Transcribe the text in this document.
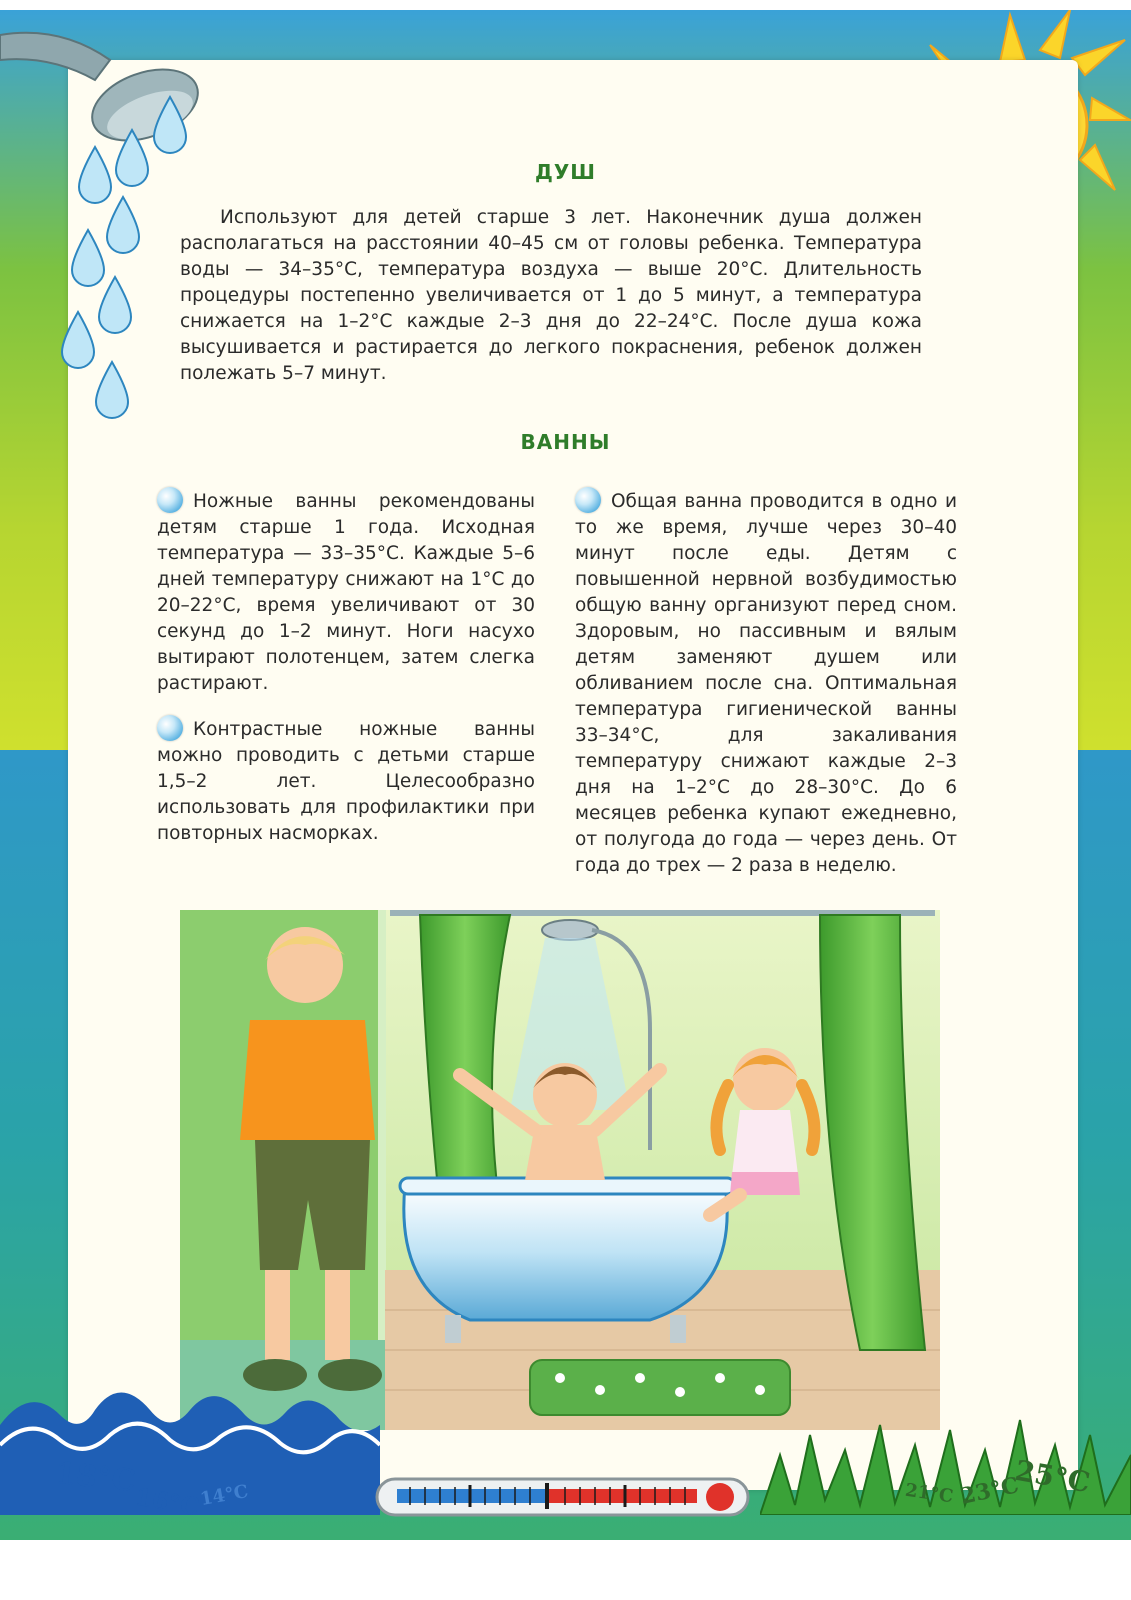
ДУШ

Используют для детей старше 3 лет. Наконечник душа должен располагаться на расстоянии 40–45 см от головы ребенка. Температура воды — 34–35°С, температура воздуха — выше 20°С. Длительность процедуры постепенно увеличивается от 1 до 5 минут, а температура снижается на 1–2°С каждые 2–3 дня до 22–24°С. После душа кожа высушивается и растирается до легкого покраснения, ребенок должен полежать 5–7 минут.

ВАННЫ

Ножные ванны рекомендованы детям старше 1 года. Исходная температура — 33–35°С. Каждые 5–6 дней температуру снижают на 1°С до 20–22°С, время увеличивают от 30 секунд до 1–2 минут. Ноги насухо вытирают полотенцем, затем слегка растирают.

Контрастные ножные ванны можно проводить с детьми старше 1,5–2 лет. Целесообразно использовать для профилактики при повторных насморках.

Общая ванна проводится в одно и то же время, лучше через 30–40 минут после еды. Детям с повышенной нервной возбудимостью общую ванну организуют перед сном. Здоровым, но пассивным и вялым детям заменяют душем или обливанием после сна. Оптимальная температура гигиенической ванны 33–34°С, для закаливания температуру снижают каждые 2–3 дня на 1–2°С до 28–30°С. До 6 месяцев ребенка купают ежедневно, от полугода до года — через день. От года до трех — 2 раза в неделю.

18°C
16°C
14°C	21°C 23°C
25°C
